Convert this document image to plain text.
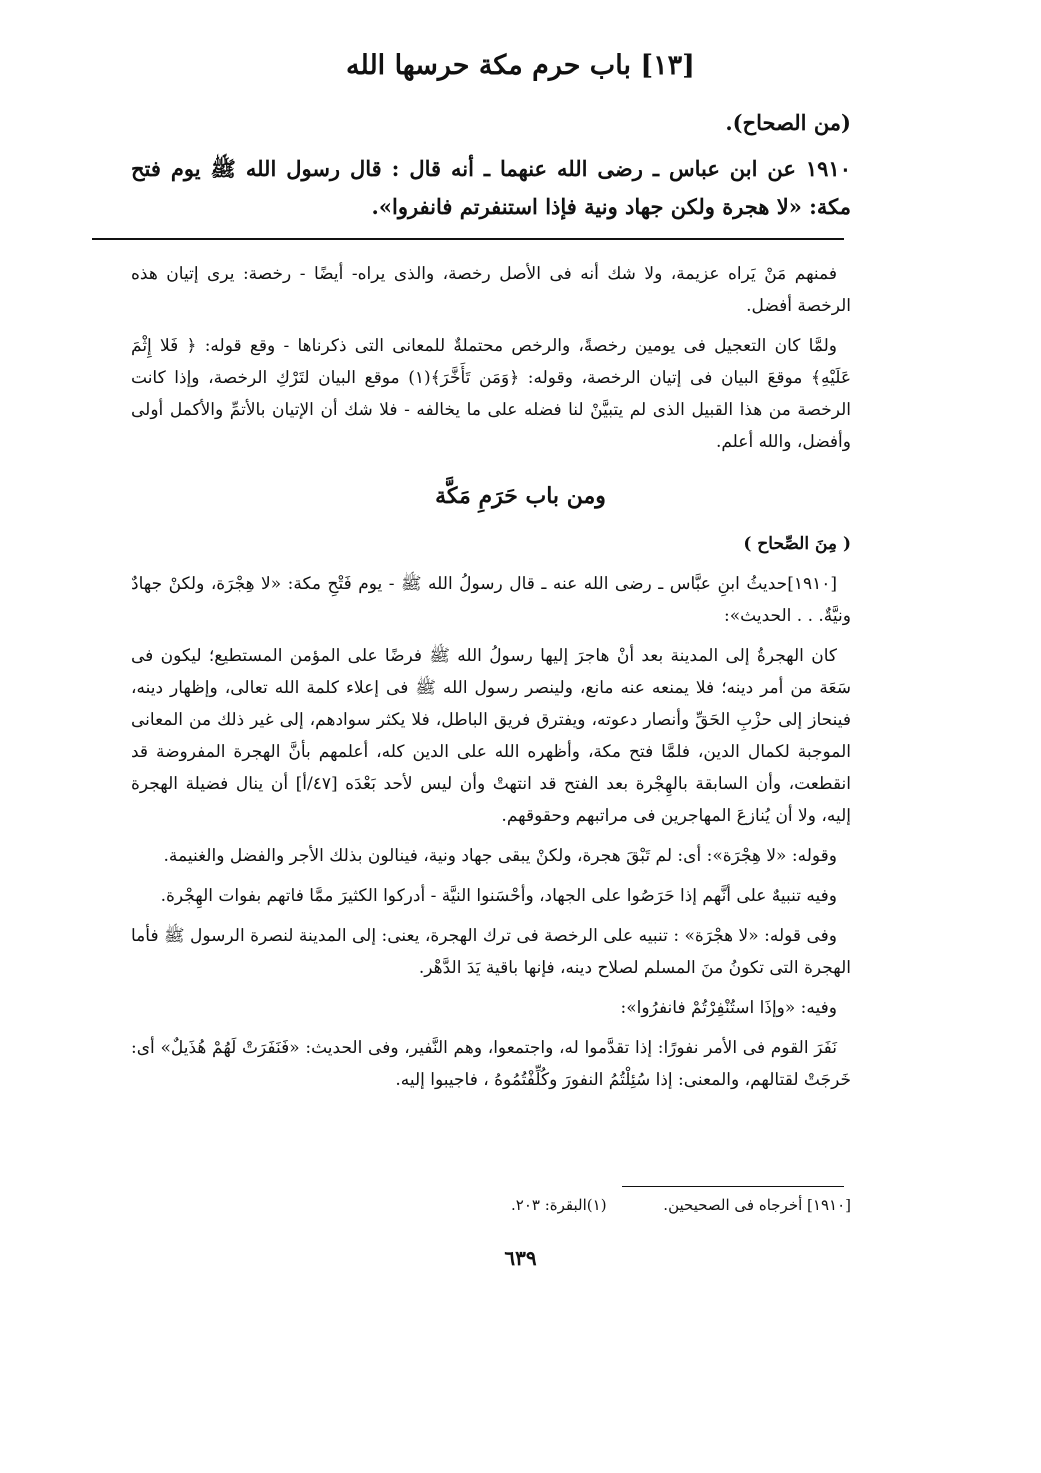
[١٣] باب حرم مكة حرسها الله
(من الصحاح).
١٩١٠ عن ابن عباس ـ رضى الله عنهما ـ أنه قال : قال رسول الله ﷺ يوم فتح مكة: «لا هجرة ولكن جهاد ونية فإذا استنفرتم فانفروا».

فمنهم مَنْ يَراه عزيمة، ولا شك أنه فى الأصل رخصة، والذى يراه- أيضًا - رخصة: يرى إتيان هذه الرخصة أفضل.

ولمَّا كان التعجيل فى يومين رخصةً، والرخص محتملةٌ للمعانى التى ذكرناها - وقع قوله: ﴿ فَلا إِثْمَ عَلَيْهِ﴾ موقعَ البيان فى إتيان الرخصة، وقوله: ﴿وَمَن تَأَخَّرَ﴾(١) موقع البيان لتَرْكِ الرخصة، وإذا كانت الرخصة من هذا القبيل الذى لم يتبيَّنْ لنا فضله على ما يخالفه - فلا شك أن الإتيان بالأتمِّ والأكمل أولى وأفضل، والله أعلم.

ومن باب حَرَمِ مَكَّة

( مِنَ الصِّحاح )

[١٩١٠]حديثُ ابنِ عبَّاس ـ رضى الله عنه ـ قال رسولُ الله ﷺ - يوم فَتْحِ مكة: «لا هِجْرَة، ولكنْ جهادٌ ونيَّةٌ. . . الحديث»:

كان الهجرةُ إلى المدينة بعد أنْ هاجرَ إليها رسولُ الله ﷺ فرضًا على المؤمن المستطيع؛ ليكون فى سَعَة من أمر دينه؛ فلا يمنعه عنه مانع، ولينصر رسول الله ﷺ فى إعلاء كلمة الله تعالى، وإظهار دينه، فينحاز إلى حزْبِ الحَقِّ وأنصار دعوته، ويفترق فريق الباطل، فلا يكثر سوادهم، إلى غير ذلك من المعانى الموجبة لكمال الدين، فلمَّا فتح مكة، وأظهره الله على الدين كله، أعلمهم بأنَّ الهجرة المفروضة قد انقطعت، وأن السابقة بالهِجْرة بعد الفتح قد انتهتْ وأن ليس لأحد بَعْدَه [٤٧/أ] أن ينال فضيلة الهجرة إليه، ولا أن يُنازعَ المهاجرين فى مراتبهم وحقوقهم.

وقوله: «لا هِجْرَة»: أى: لم تَبْقَ هجرة، ولكنْ يبقى جهاد ونية، فينالون بذلك الأجر والفضل والغنيمة.

وفيه تنبيهٌ على أنَّهم إذا حَرَصُوا على الجهاد، وأحْسَنوا النيَّة - أدركوا الكثيرَ ممَّا فاتهم بفوات الهِجْرة.

وفى قوله: «لا هجْرَة» : تنبيه على الرخصة فى ترك الهجرة، يعنى: إلى المدينة لنصرة الرسول ﷺ فأما الهجرة التى تكونُ منَ المسلم لصلاح دينه، فإنها باقية يَدَ الدَّهْر.

وفيه: «وإذَا استُنْفِرْتُمْ فانفرُوا»:

نَفَرَ القوم فى الأمر نفورًا: إذا تقدَّموا له، واجتمعوا، وهم النَّفير، وفى الحديث: «فَنَفَرَتْ لَهُمْ هُذَيلٌ» أى: خَرجَتْ لقتالهم، والمعنى: إذا سُئِلْتُمُ النفورَ وكُلِّفْتُمُوهُ ، فاجيبوا إليه.

[١٩١٠] أخرجاه فى الصحيحين.
(١)البقرة: ٢٠٣.
٦٣٩
